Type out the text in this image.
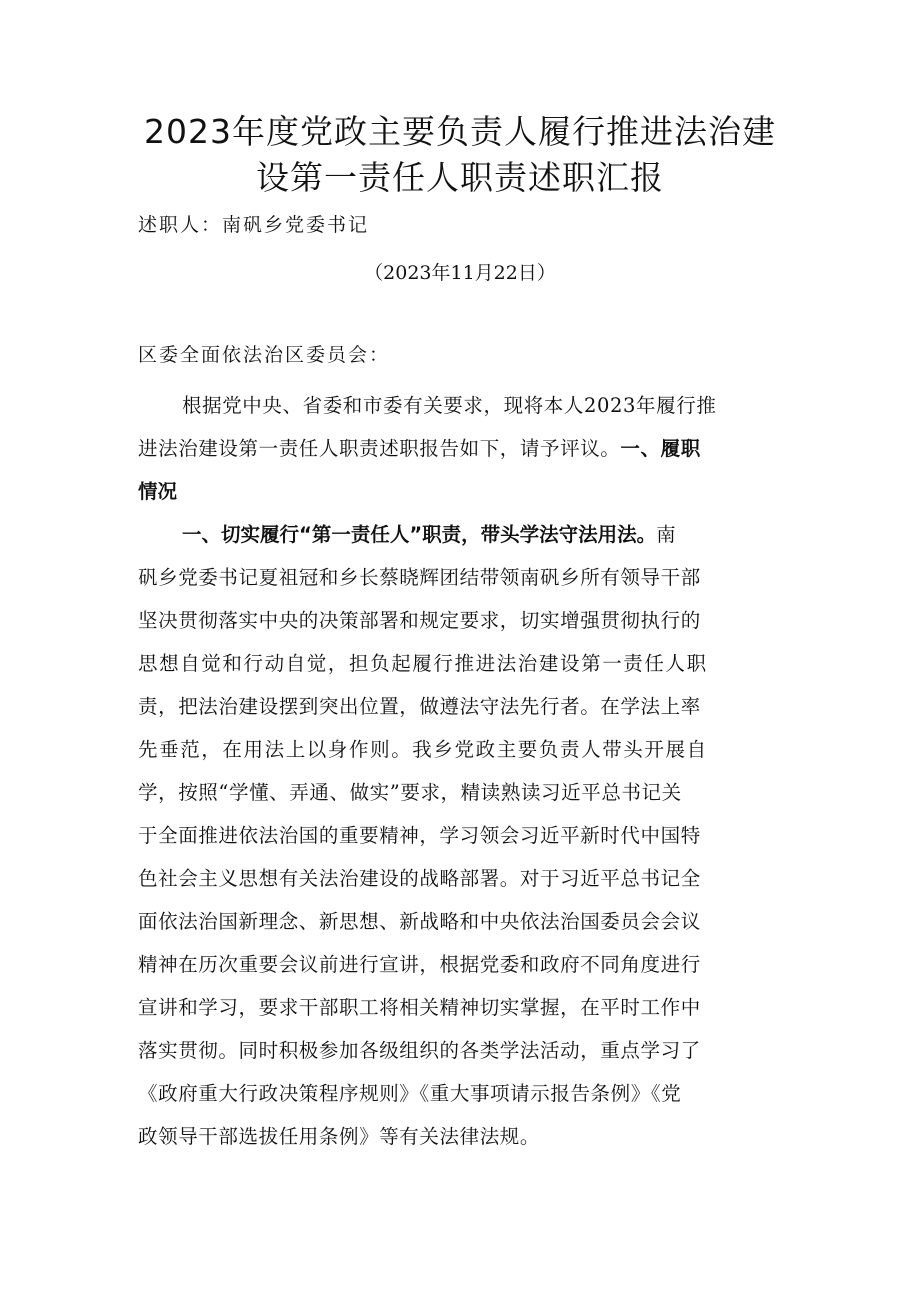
2023年度党政主要负责人履行推进法治建
设第一责任人职责述职汇报
述职人：南矾乡党委书记
（2023年11月22日）
区委全面依法治区委员会：
根据党中央、省委和市委有关要求，现将本人2023年履行推
进法治建设第一责任人职责述职报告如下，请予评议。一、履职
情况
一、切实履行“第一责任人”职责，带头学法守法用法。南
矾乡党委书记夏祖冠和乡长蔡晓辉团结带领南矾乡所有领导干部
坚决贯彻落实中央的决策部署和规定要求，切实增强贯彻执行的
思想自觉和行动自觉，担负起履行推进法治建设第一责任人职
责，把法治建设摆到突出位置，做遵法守法先行者。在学法上率
先垂范，在用法上以身作则。我乡党政主要负责人带头开展自
学，按照“学懂、弄通、做实”要求，精读熟读习近平总书记关
于全面推进依法治国的重要精神，学习领会习近平新时代中国特
色社会主义思想有关法治建设的战略部署。对于习近平总书记全
面依法治国新理念、新思想、新战略和中央依法治国委员会会议
精神在历次重要会议前进行宣讲，根据党委和政府不同角度进行
宣讲和学习，要求干部职工将相关精神切实掌握，在平时工作中
落实贯彻。同时积极参加各级组织的各类学法活动，重点学习了
《政府重大行政决策程序规则》《重大事项请示报告条例》《党
政领导干部选拔任用条例》等有关法律法规。
